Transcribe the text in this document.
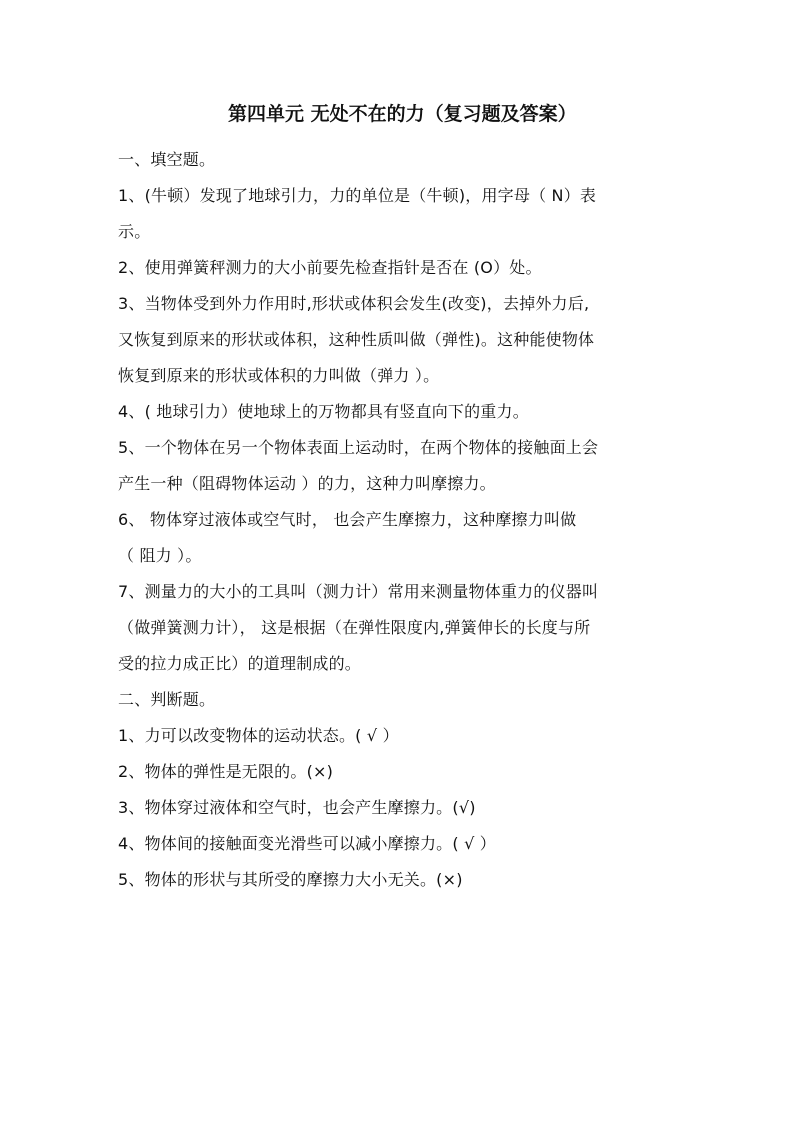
第四单元 无处不在的力（复习题及答案）

一、填空题。

1、(牛顿）发现了地球引力，力的单位是（牛顿)，用字母（ N）表

示。

2、使用弹簧秤测力的大小前要先检查指针是否在 (O）处。

3、当物体受到外力作用时,形状或体积会发生(改变)，去掉外力后,

又恢复到原来的形状或体积，这种性质叫做（弹性)。这种能使物体

恢复到原来的形状或体积的力叫做（弹力 ）。

4、( 地球引力）使地球上的万物都具有竖直向下的重力。

5、一个物体在另一个物体表面上运动时，在两个物体的接触面上会

产生一种（阻碍物体运动 ）的力，这种力叫摩擦力。

6、 物体穿过液体或空气时， 也会产生摩擦力，这种摩擦力叫做

（ 阻力 ）。

7、测量力的大小的工具叫（测力计）常用来测量物体重力的仪器叫

（做弹簧测力计）， 这是根据（在弹性限度内,弹簧伸长的长度与所

受的拉力成正比）的道理制成的。

二、判断题。

1、力可以改变物体的运动状态。( √ ）

2、物体的弹性是无限的。(×)

3、物体穿过液体和空气时，也会产生摩擦力。(√)

4、物体间的接触面变光滑些可以减小摩擦力。( √ ）

5、物体的形状与其所受的摩擦力大小无关。(×)
